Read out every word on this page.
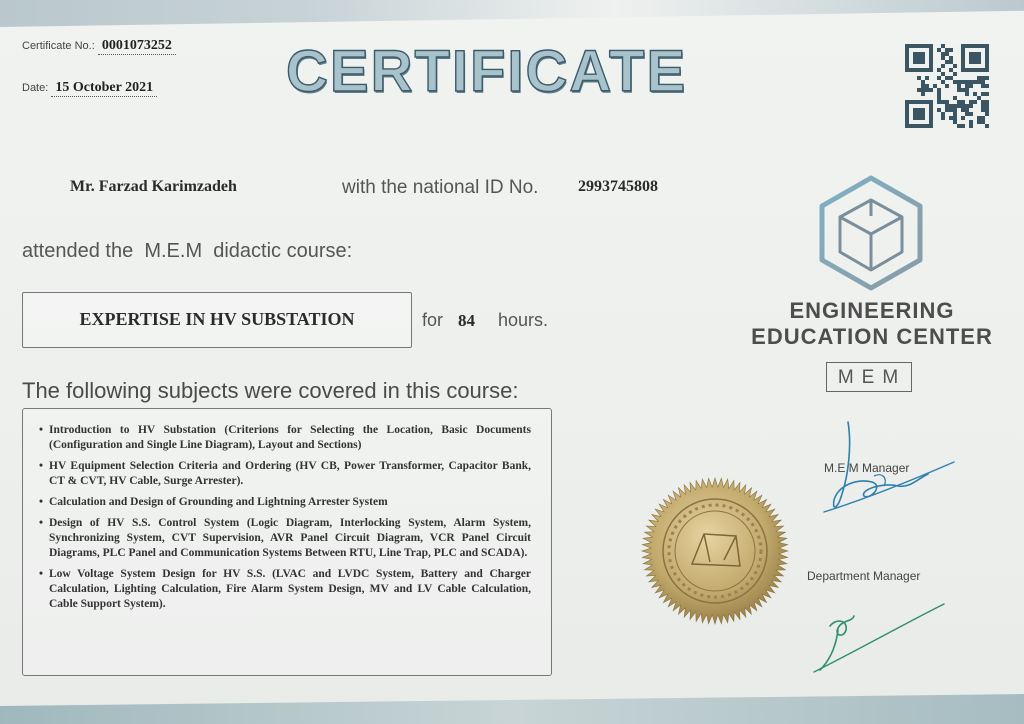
Certificate No.: 0001073252
Date: 15 October 2021 CERTIFICATE
Mr. Farzad Karimzadeh	with the national ID No. 2993745808
attended the  M.E.M  didactic course:
EXPERTISE IN HV SUBSTATION	for 84 hours.
The following subjects were covered in this course:
• Introduction to HV Substation (Criterions for Selecting the Location, Basic Documents (Configuration and Single Line Diagram), Layout and Sections)
• HV Equipment Selection Criteria and Ordering (HV CB, Power Transformer, Capacitor Bank, CT & CVT, HV Cable, Surge Arrester).
• Calculation and Design of Grounding and Lightning Arrester System
• Design of HV S.S. Control System (Logic Diagram, Interlocking System, Alarm System, Synchronizing System, CVT Supervision, AVR Panel Circuit Diagram, VCR Panel Circuit Diagrams, PLC Panel and Communication Systems Between RTU, Line Trap, PLC and SCADA).
• Low Voltage System Design for HV S.S. (LVAC and LVDC System, Battery and Charger Calculation, Lighting Calculation, Fire Alarm System Design, MV and LV Cable Calculation, Cable Support System).
ENGINEERING
EDUCATION CENTER
MEM
M.E.M Manager
Department Manager
